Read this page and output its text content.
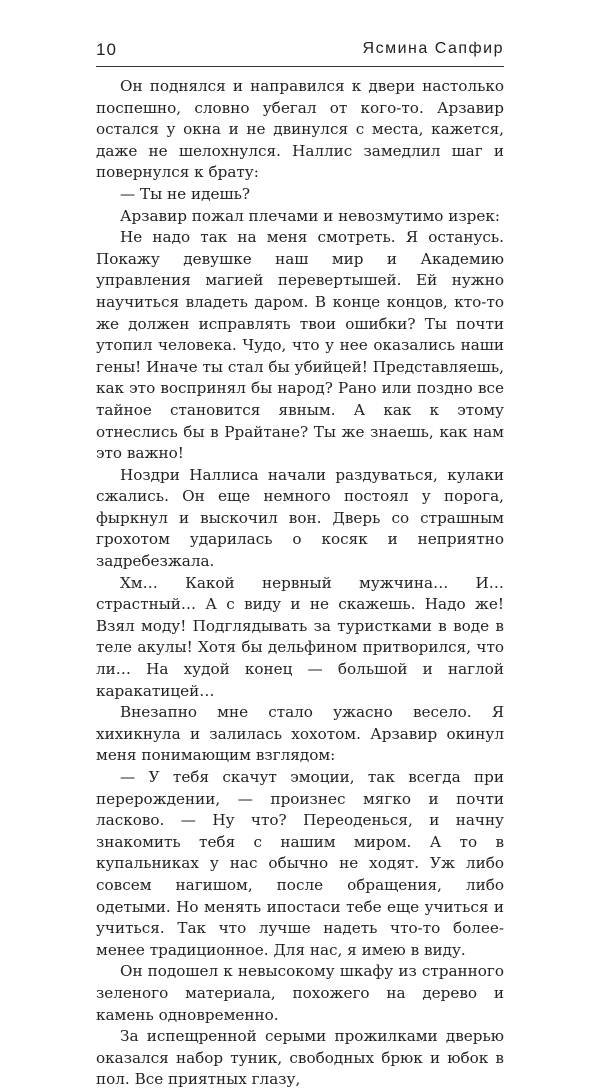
10	Ясмина Сапфир

Он поднялся и направился к двери настолько поспешно, словно убегал от кого-то. Арзавир остался у окна и не двинулся с места, кажется, даже не шелохнулся. Наллис замедлил шаг и повернулся к брату:

— Ты не идешь?

Арзавир пожал плечами и невозмутимо изрек:

Не надо так на меня смотреть. Я останусь. Покажу девушке наш мир и Академию управления магией перевертышей. Ей нужно научиться владеть даром. В конце концов, кто-то же должен исправлять твои ошибки? Ты почти утопил человека. Чудо, что у нее оказались наши гены! Иначе ты стал бы убийцей! Представляешь, как это воспринял бы народ? Рано или поздно все тайное становится явным. А как к этому отнеслись бы в Ррайтане? Ты же знаешь, как нам это важно!

Ноздри Наллиса начали раздуваться, кулаки сжались. Он еще немного постоял у порога, фыркнул и выскочил вон. Дверь со страшным грохотом ударилась о косяк и неприятно задребезжала.

Хм… Какой нервный мужчина… И… страстный… А с виду и не скажешь. Надо же! Взял моду! Подглядывать за туристками в воде в теле акулы! Хотя бы дельфином притворился, что ли… На худой конец — большой и наглой каракатицей…

Внезапно мне стало ужасно весело. Я хихикнула и залилась хохотом. Арзавир окинул меня понимающим взглядом:

— У тебя скачут эмоции, так всегда при перерождении, — произнес мягко и почти ласково. — Ну что? Переоденься, и начну знакомить тебя с нашим миром. А то в купальниках у нас обычно не ходят. Уж либо совсем нагишом, после обращения, либо одетыми. Но менять ипостаси тебе еще учиться и учиться. Так что лучше надеть что-то более-менее традиционное. Для нас, я имею в виду.

Он подошел к невысокому шкафу из странного зеленого материала, похожего на дерево и камень одновременно.

За испещренной серыми прожилками дверью оказался набор туник, свободных брюк и юбок в пол. Все приятных глазу,
